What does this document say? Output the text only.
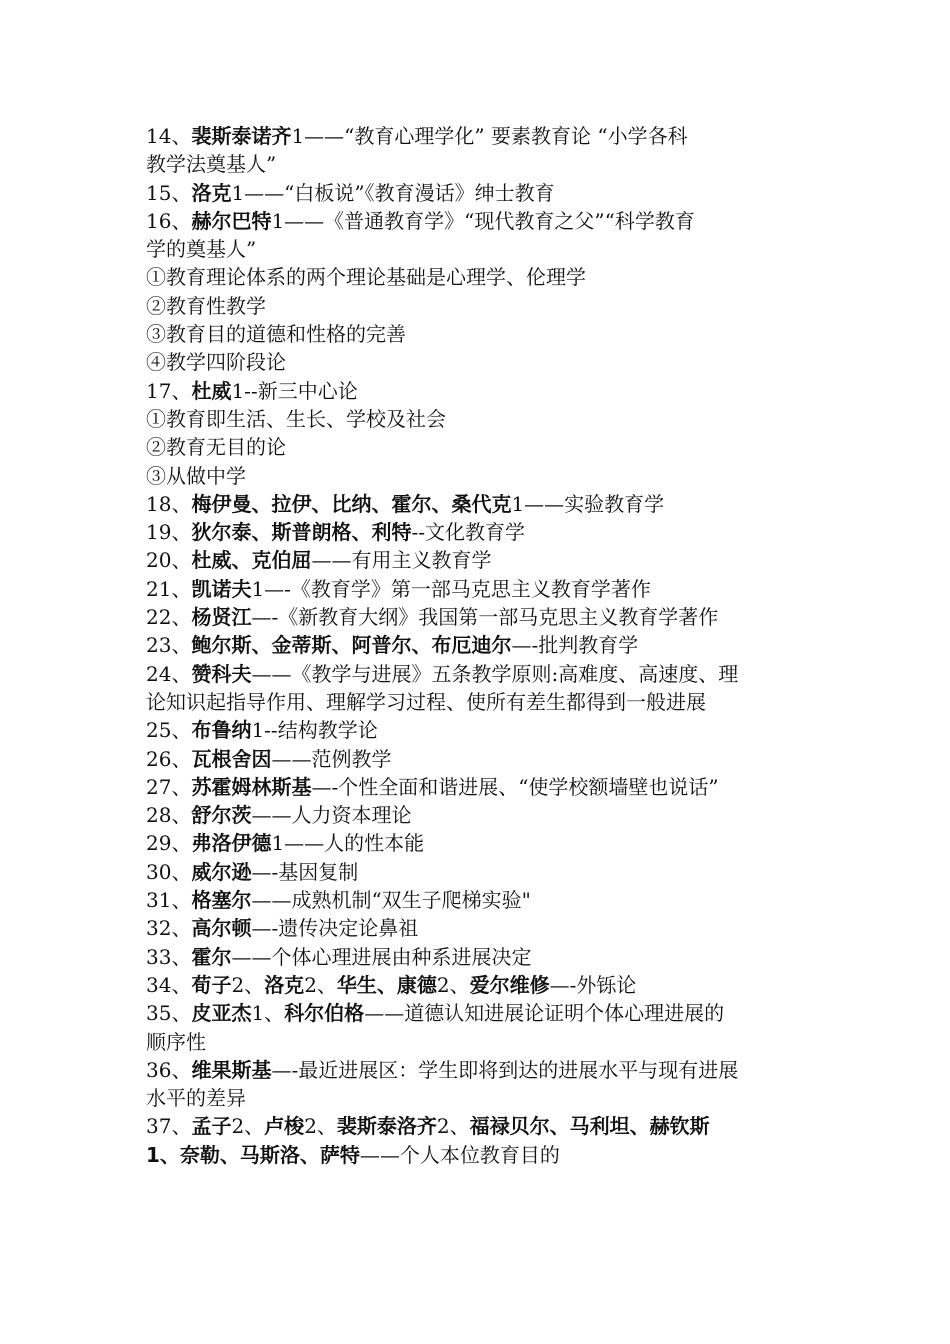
14、裴斯泰诺齐1——“教育心理学化” 要素教育论 “小学各科
教学法奠基人”
15、洛克1——“白板说”《教育漫话》绅士教育
16、赫尔巴特1——《普通教育学》“现代教育之父”“科学教育
学的奠基人”
①教育理论体系的两个理论基础是心理学、伦理学
②教育性教学
③教育目的道德和性格的完善
④教学四阶段论
17、杜威1--新三中心论
①教育即生活、生长、学校及社会
②教育无目的论
③从做中学
18、梅伊曼、拉伊、比纳、霍尔、桑代克1——实验教育学
19、狄尔泰、斯普朗格、利特--文化教育学
20、杜威、克伯屈——有用主义教育学
21、凯诺夫1—-《教育学》第一部马克思主义教育学著作
22、杨贤江—-《新教育大纲》我国第一部马克思主义教育学著作
23、鲍尔斯、金蒂斯、阿普尔、布厄迪尔—-批判教育学
24、赞科夫——《教学与进展》五条教学原则:高难度、高速度、理
论知识起指导作用、理解学习过程、使所有差生都得到一般进展
25、布鲁纳1--结构教学论
26、瓦根舍因——范例教学
27、苏霍姆林斯基—-个性全面和谐进展、“使学校额墙壁也说话”
28、舒尔茨——人力资本理论
29、弗洛伊德1——人的性本能
30、威尔逊—-基因复制
31、格塞尔——成熟机制“双生子爬梯实验"
32、高尔顿—-遗传决定论鼻祖
33、霍尔——个体心理进展由种系进展决定
34、荀子2、洛克2、华生、康德2、爱尔维修—-外铄论
35、皮亚杰1、科尔伯格——道德认知进展论证明个体心理进展的
顺序性
36、维果斯基—-最近进展区：学生即将到达的进展水平与现有进展
水平的差异
37、孟子2、卢梭2、裴斯泰洛齐2、福禄贝尔、马利坦、赫钦斯
1、奈勒、马斯洛、萨特——个人本位教育目的
